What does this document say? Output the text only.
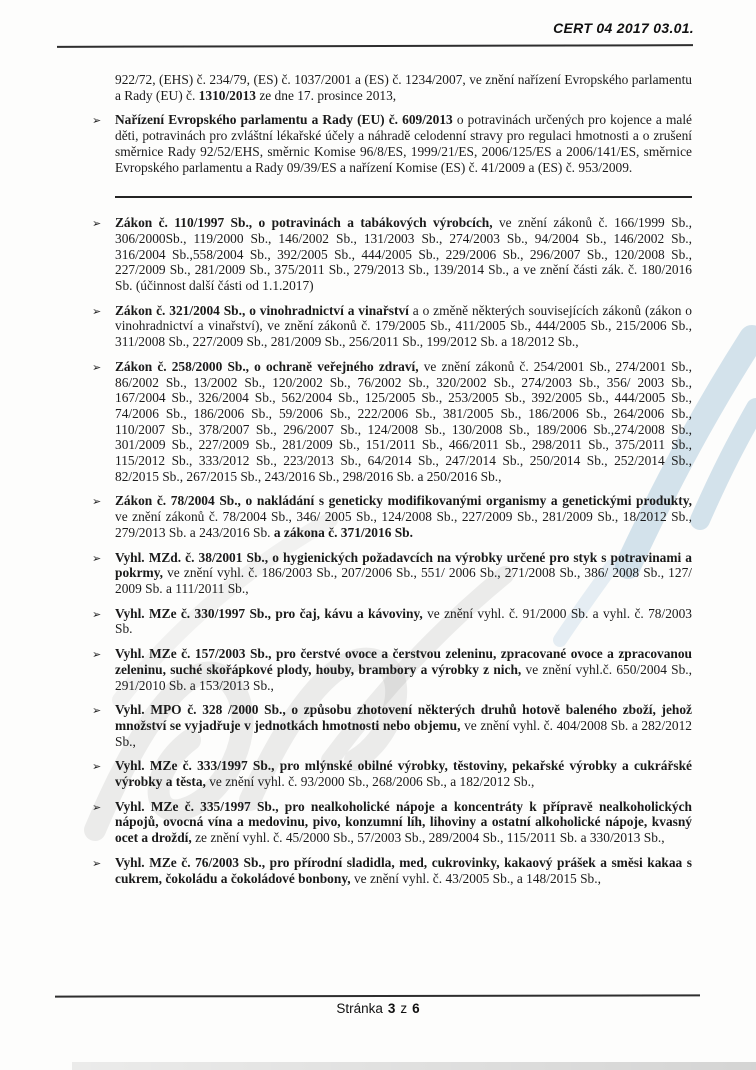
CERT 04 2017 03.01.

922/72, (EHS) č. 234/79, (ES) č. 1037/2001 a (ES) č. 1234/2007, ve znění nařízení Evropského parlamentu a Rady (EU) č. 1310/2013 ze dne 17. prosince 2013,

➢ Nařízení Evropského parlamentu a Rady (EU) č. 609/2013 o potravinách určených pro kojence a malé děti, potravinách pro zvláštní lékařské účely a náhradě celodenní stravy pro regulaci hmotnosti a o zrušení směrnice Rady 92/52/EHS, směrnic Komise 96/8/ES, 1999/21/ES, 2006/125/ES a 2006/141/ES, směrnice Evropského parlamentu a Rady 09/39/ES a nařízení Komise (ES) č. 41/2009 a (ES) č. 953/2009.

➢ Zákon č. 110/1997 Sb., o potravinách a tabákových výrobcích, ve znění zákonů č. 166/1999 Sb., 306/2000Sb., 119/2000 Sb., 146/2002 Sb., 131/2003 Sb., 274/2003 Sb., 94/2004 Sb., 146/2002 Sb., 316/2004 Sb.,558/2004 Sb., 392/2005 Sb., 444/2005 Sb., 229/2006 Sb., 296/2007 Sb., 120/2008 Sb., 227/2009 Sb., 281/2009 Sb., 375/2011 Sb., 279/2013 Sb., 139/2014 Sb., a ve znění části zák. č. 180/2016 Sb. (účinnost další části od 1.1.2017)

➢ Zákon č. 321/2004 Sb., o vinohradnictví a vinařství a o změně některých souvisejících zákonů (zákon o vinohradnictví a vinařství), ve znění zákonů č. 179/2005 Sb., 411/2005 Sb., 444/2005 Sb., 215/2006 Sb., 311/2008 Sb., 227/2009 Sb., 281/2009 Sb., 256/2011 Sb., 199/2012 Sb. a 18/2012 Sb.,

➢ Zákon č. 258/2000 Sb., o ochraně veřejného zdraví, ve znění zákonů č. 254/2001 Sb., 274/2001 Sb., 86/2002 Sb., 13/2002 Sb., 120/2002 Sb., 76/2002 Sb., 320/2002 Sb., 274/2003 Sb., 356/ 2003 Sb., 167/2004 Sb., 326/2004 Sb., 562/2004 Sb., 125/2005 Sb., 253/2005 Sb., 392/2005 Sb., 444/2005 Sb., 74/2006 Sb., 186/2006 Sb., 59/2006 Sb., 222/2006 Sb., 381/2005 Sb., 186/2006 Sb., 264/2006 Sb., 110/2007 Sb., 378/2007 Sb., 296/2007 Sb., 124/2008 Sb., 130/2008 Sb., 189/2006 Sb.,274/2008 Sb., 301/2009 Sb., 227/2009 Sb., 281/2009 Sb., 151/2011 Sb., 466/2011 Sb., 298/2011 Sb., 375/2011 Sb., 115/2012 Sb., 333/2012 Sb., 223/2013 Sb., 64/2014 Sb., 247/2014 Sb., 250/2014 Sb., 252/2014 Sb., 82/2015 Sb., 267/2015 Sb., 243/2016 Sb., 298/2016 Sb. a 250/2016 Sb.,

➢ Zákon č. 78/2004 Sb., o nakládání s geneticky modifikovanými organismy a genetickými produkty, ve znění zákonů č. 78/2004 Sb., 346/ 2005 Sb., 124/2008 Sb., 227/2009 Sb., 281/2009 Sb., 18/2012 Sb., 279/2013 Sb. a 243/2016 Sb. a zákona č. 371/2016 Sb.

➢ Vyhl. MZd. č. 38/2001 Sb., o hygienických požadavcích na výrobky určené pro styk s potravinami a pokrmy, ve znění vyhl. č. 186/2003 Sb., 207/2006 Sb., 551/ 2006 Sb., 271/2008 Sb., 386/ 2008 Sb., 127/ 2009 Sb. a 111/2011 Sb.,

➢ Vyhl. MZe č. 330/1997 Sb., pro čaj, kávu a kávoviny, ve znění vyhl. č. 91/2000 Sb. a vyhl. č. 78/2003 Sb.

➢ Vyhl. MZe č. 157/2003 Sb., pro čerstvé ovoce a čerstvou zeleninu, zpracované ovoce a zpracovanou zeleninu, suché skořápkové plody, houby, brambory a výrobky z nich, ve znění vyhl.č. 650/2004 Sb., 291/2010 Sb. a 153/2013 Sb.,

➢ Vyhl. MPO č. 328 /2000 Sb., o způsobu zhotovení některých druhů hotově baleného zboží, jehož množství se vyjadřuje v jednotkách hmotnosti nebo objemu, ve znění vyhl. č. 404/2008 Sb. a 282/2012 Sb.,

➢ Vyhl. MZe č. 333/1997 Sb., pro mlýnské obilné výrobky, těstoviny, pekařské výrobky a cukrářské výrobky a těsta, ve znění vyhl. č. 93/2000 Sb., 268/2006 Sb., a 182/2012 Sb.,

➢ Vyhl. MZe č. 335/1997 Sb., pro nealkoholické nápoje a koncentráty k přípravě nealkoholických nápojů, ovocná vína a medovinu, pivo, konzumní líh, lihoviny a ostatní alkoholické nápoje, kvasný ocet a droždí, ze znění vyhl. č. 45/2000 Sb., 57/2003 Sb., 289/2004 Sb., 115/2011 Sb. a 330/2013 Sb.,

➢ Vyhl. MZe č. 76/2003 Sb., pro přírodní sladidla, med, cukrovinky, kakaový prášek a směsi kakaa s cukrem, čokoládu a čokoládové bonbony, ve znění vyhl. č. 43/2005 Sb., a 148/2015 Sb.,

Stránka 3 z 6
